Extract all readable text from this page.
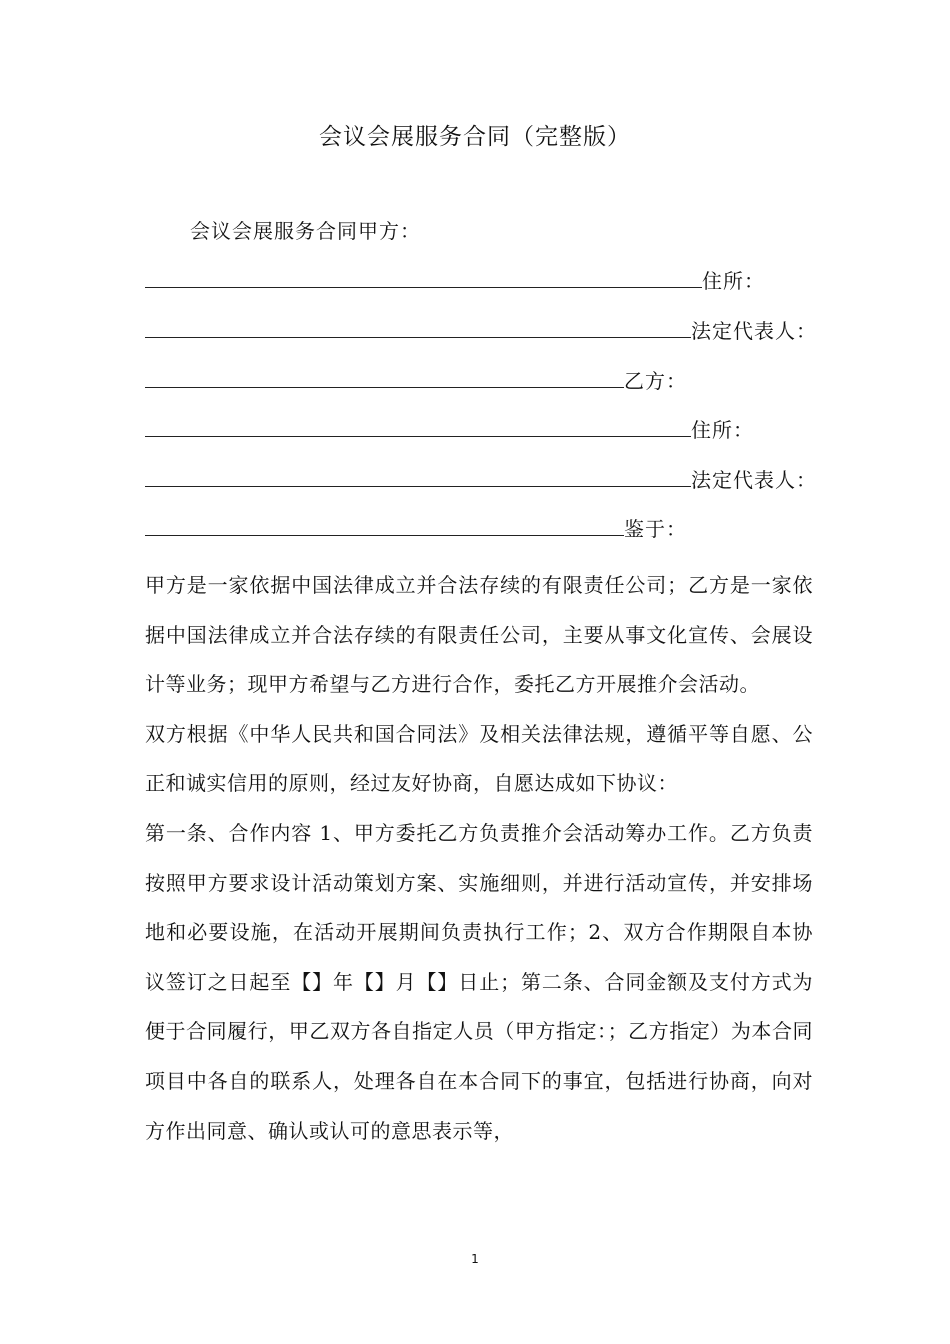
会议会展服务合同（完整版）
会议会展服务合同甲方：
住所：
法定代表人：
乙方：
住所：
法定代表人：
鉴于：

甲方是一家依据中国法律成立并合法存续的有限责任公司；乙方是一家依据中国法律成立并合法存续的有限责任公司，主要从事文化宣传、会展设计等业务；现甲方希望与乙方进行合作，委托乙方开展推介会活动。

双方根据《中华人民共和国合同法》及相关法律法规，遵循平等自愿、公正和诚实信用的原则，经过友好协商，自愿达成如下协议：

第一条、合作内容 1、甲方委托乙方负责推介会活动筹办工作。乙方负责按照甲方要求设计活动策划方案、实施细则，并进行活动宣传，并安排场地和必要设施，在活动开展期间负责执行工作；2、双方合作期限自本协议签订之日起至【】年【】月【】日止；第二条、合同金额及支付方式为便于合同履行，甲乙双方各自指定人员（甲方指定：；乙方指定）为本合同项目中各自的联系人，处理各自在本合同下的事宜，包括进行协商，向对方作出同意、确认或认可的意思表示等，

1
